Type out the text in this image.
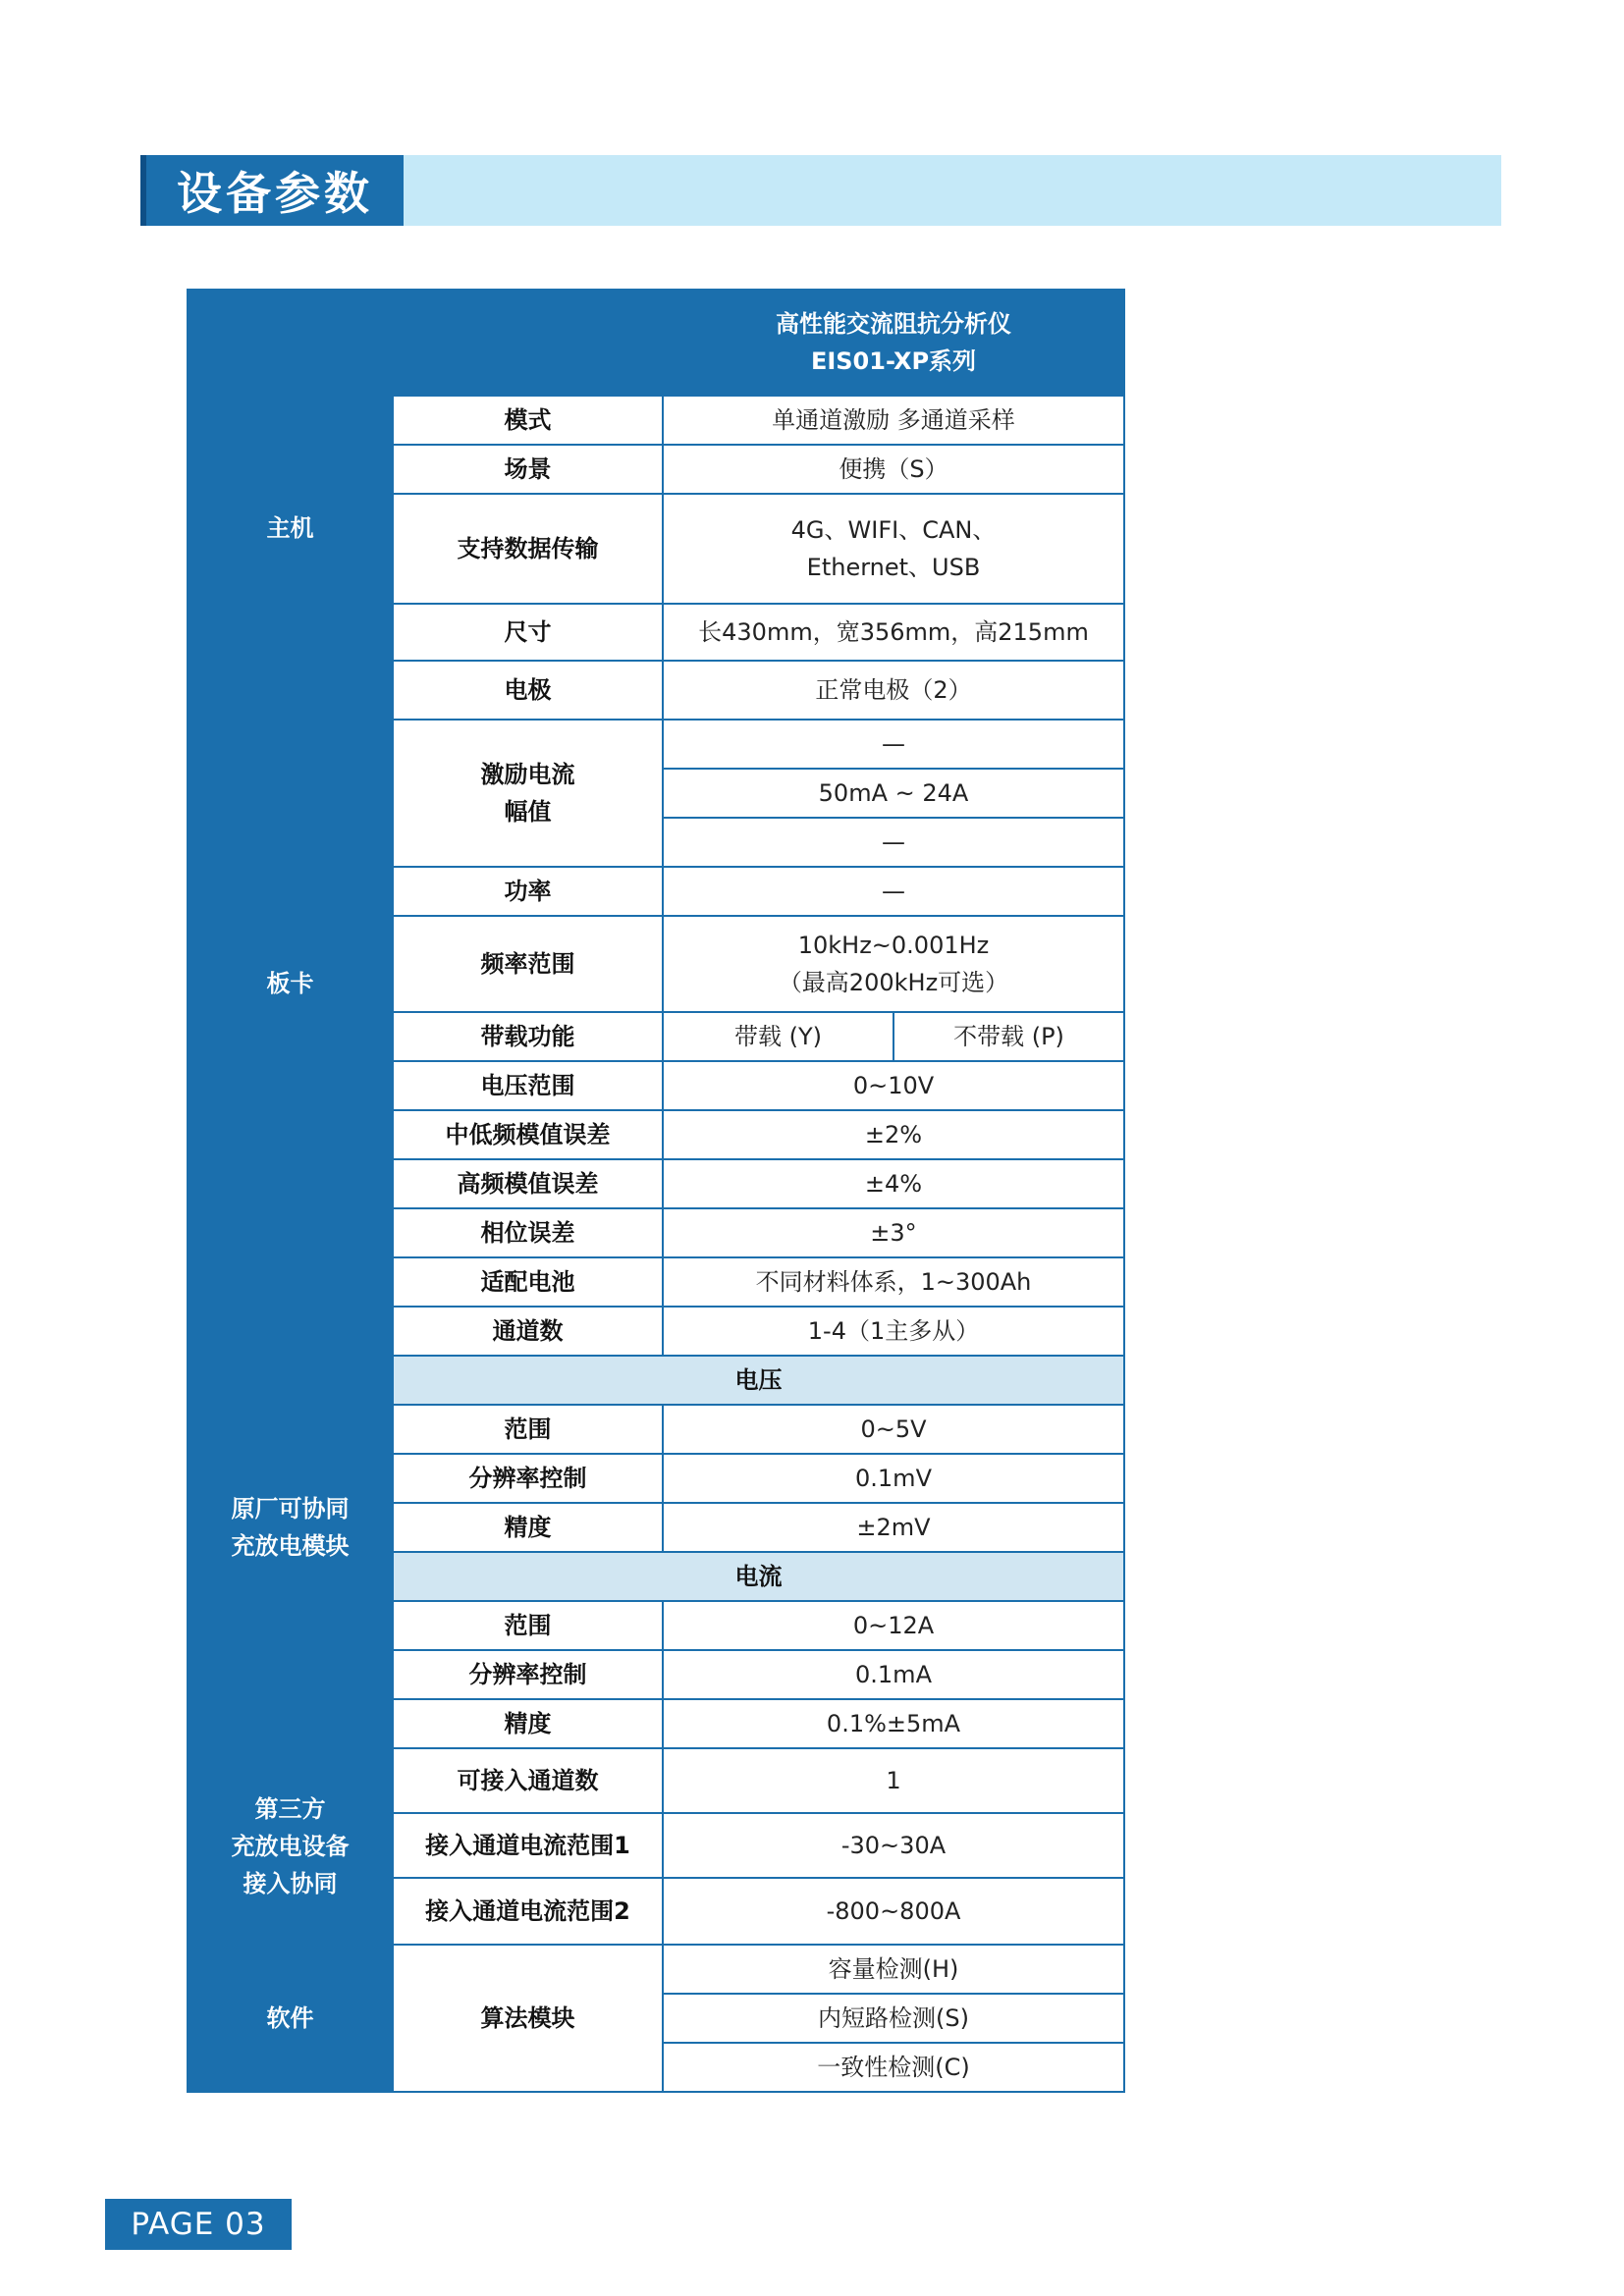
设备参数

		高性能交流阻抗分析仪
EIS01-XP系列	

主机	模式	单通道激励 多通道采样	
	场景	便携（S）	
	支持数据传输	4G、WIFI、CAN、
Ethernet、USB	

	尺寸	长430mm，宽356mm，高215mm	
板卡	电极	正常电极（2）	

	激励电流
幅值	—	
		50mA ~ 24A	
		—	
	功率	—	
	频率范围	10kHz~0.001Hz
（最高200kHz可选）	

	带载功能	带载 (Y)	不带载 (P)
	电压范围	0~10V	
	中低频模值误差	±2%	
	高频模值误差	±4%	
	相位误差	±3°	
	适配电池	不同材料体系，1~300Ah	

原厂可协同
充放电模块	通道数	1-4（1主多从）	
	电压		
	范围	0~5V	
	分辨率控制	0.1mV	
	精度	±2mV	
	电流		
	范围	0~12A	
	分辨率控制	0.1mA	
	精度	0.1%±5mA	

第三方
充放电设备
接入协同	可接入通道数	1	
	接入通道电流范围1	-30~30A	
	接入通道电流范围2	-800~800A	
软件	算法模块	容量检测(H)	
		内短路检测(S)	
		一致性检测(C)	
PAGE 03
